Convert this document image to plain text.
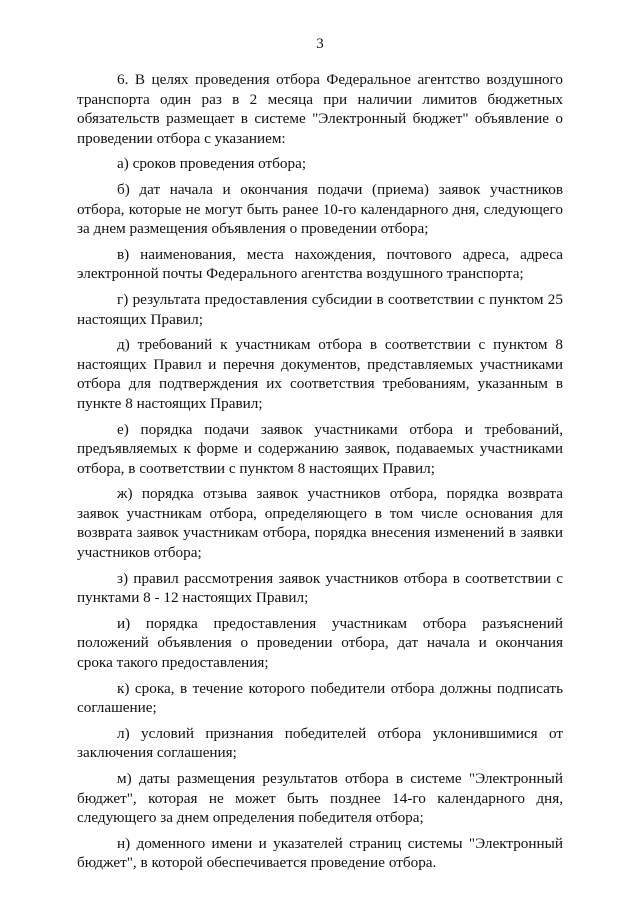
3

6. В целях проведения отбора Федеральное агентство воздушного транспорта один раз в 2 месяца при наличии лимитов бюджетных обязательств размещает в системе "Электронный бюджет" объявление о проведении отбора с указанием:

а) сроков проведения отбора;

б) дат начала и окончания подачи (приема) заявок участников отбора, которые не могут быть ранее 10-го календарного дня, следующего за днем размещения объявления о проведении отбора;

в) наименования, места нахождения, почтового адреса, адреса электронной почты Федерального агентства воздушного транспорта;

г) результата предоставления субсидии в соответствии с пунктом 25 настоящих Правил;

д) требований к участникам отбора в соответствии с пунктом 8 настоящих Правил и перечня документов, представляемых участниками отбора для подтверждения их соответствия требованиям, указанным в пункте 8 настоящих Правил;

е) порядка подачи заявок участниками отбора и требований, предъявляемых к форме и содержанию заявок, подаваемых участниками отбора, в соответствии с пунктом 8 настоящих Правил;

ж) порядка отзыва заявок участников отбора, порядка возврата заявок участникам отбора, определяющего в том числе основания для возврата заявок участникам отбора, порядка внесения изменений в заявки участников отбора;

з) правил рассмотрения заявок участников отбора в соответствии с пунктами 8 - 12 настоящих Правил;

и) порядка предоставления участникам отбора разъяснений положений объявления о проведении отбора, дат начала и окончания срока такого предоставления;

к) срока, в течение которого победители отбора должны подписать соглашение;

л) условий признания победителей отбора уклонившимися от заключения соглашения;

м) даты размещения результатов отбора в системе "Электронный бюджет", которая не может быть позднее 14-го календарного дня, следующего за днем определения победителя отбора;

н) доменного имени и указателей страниц системы "Электронный бюджет", в которой обеспечивается проведение отбора.
